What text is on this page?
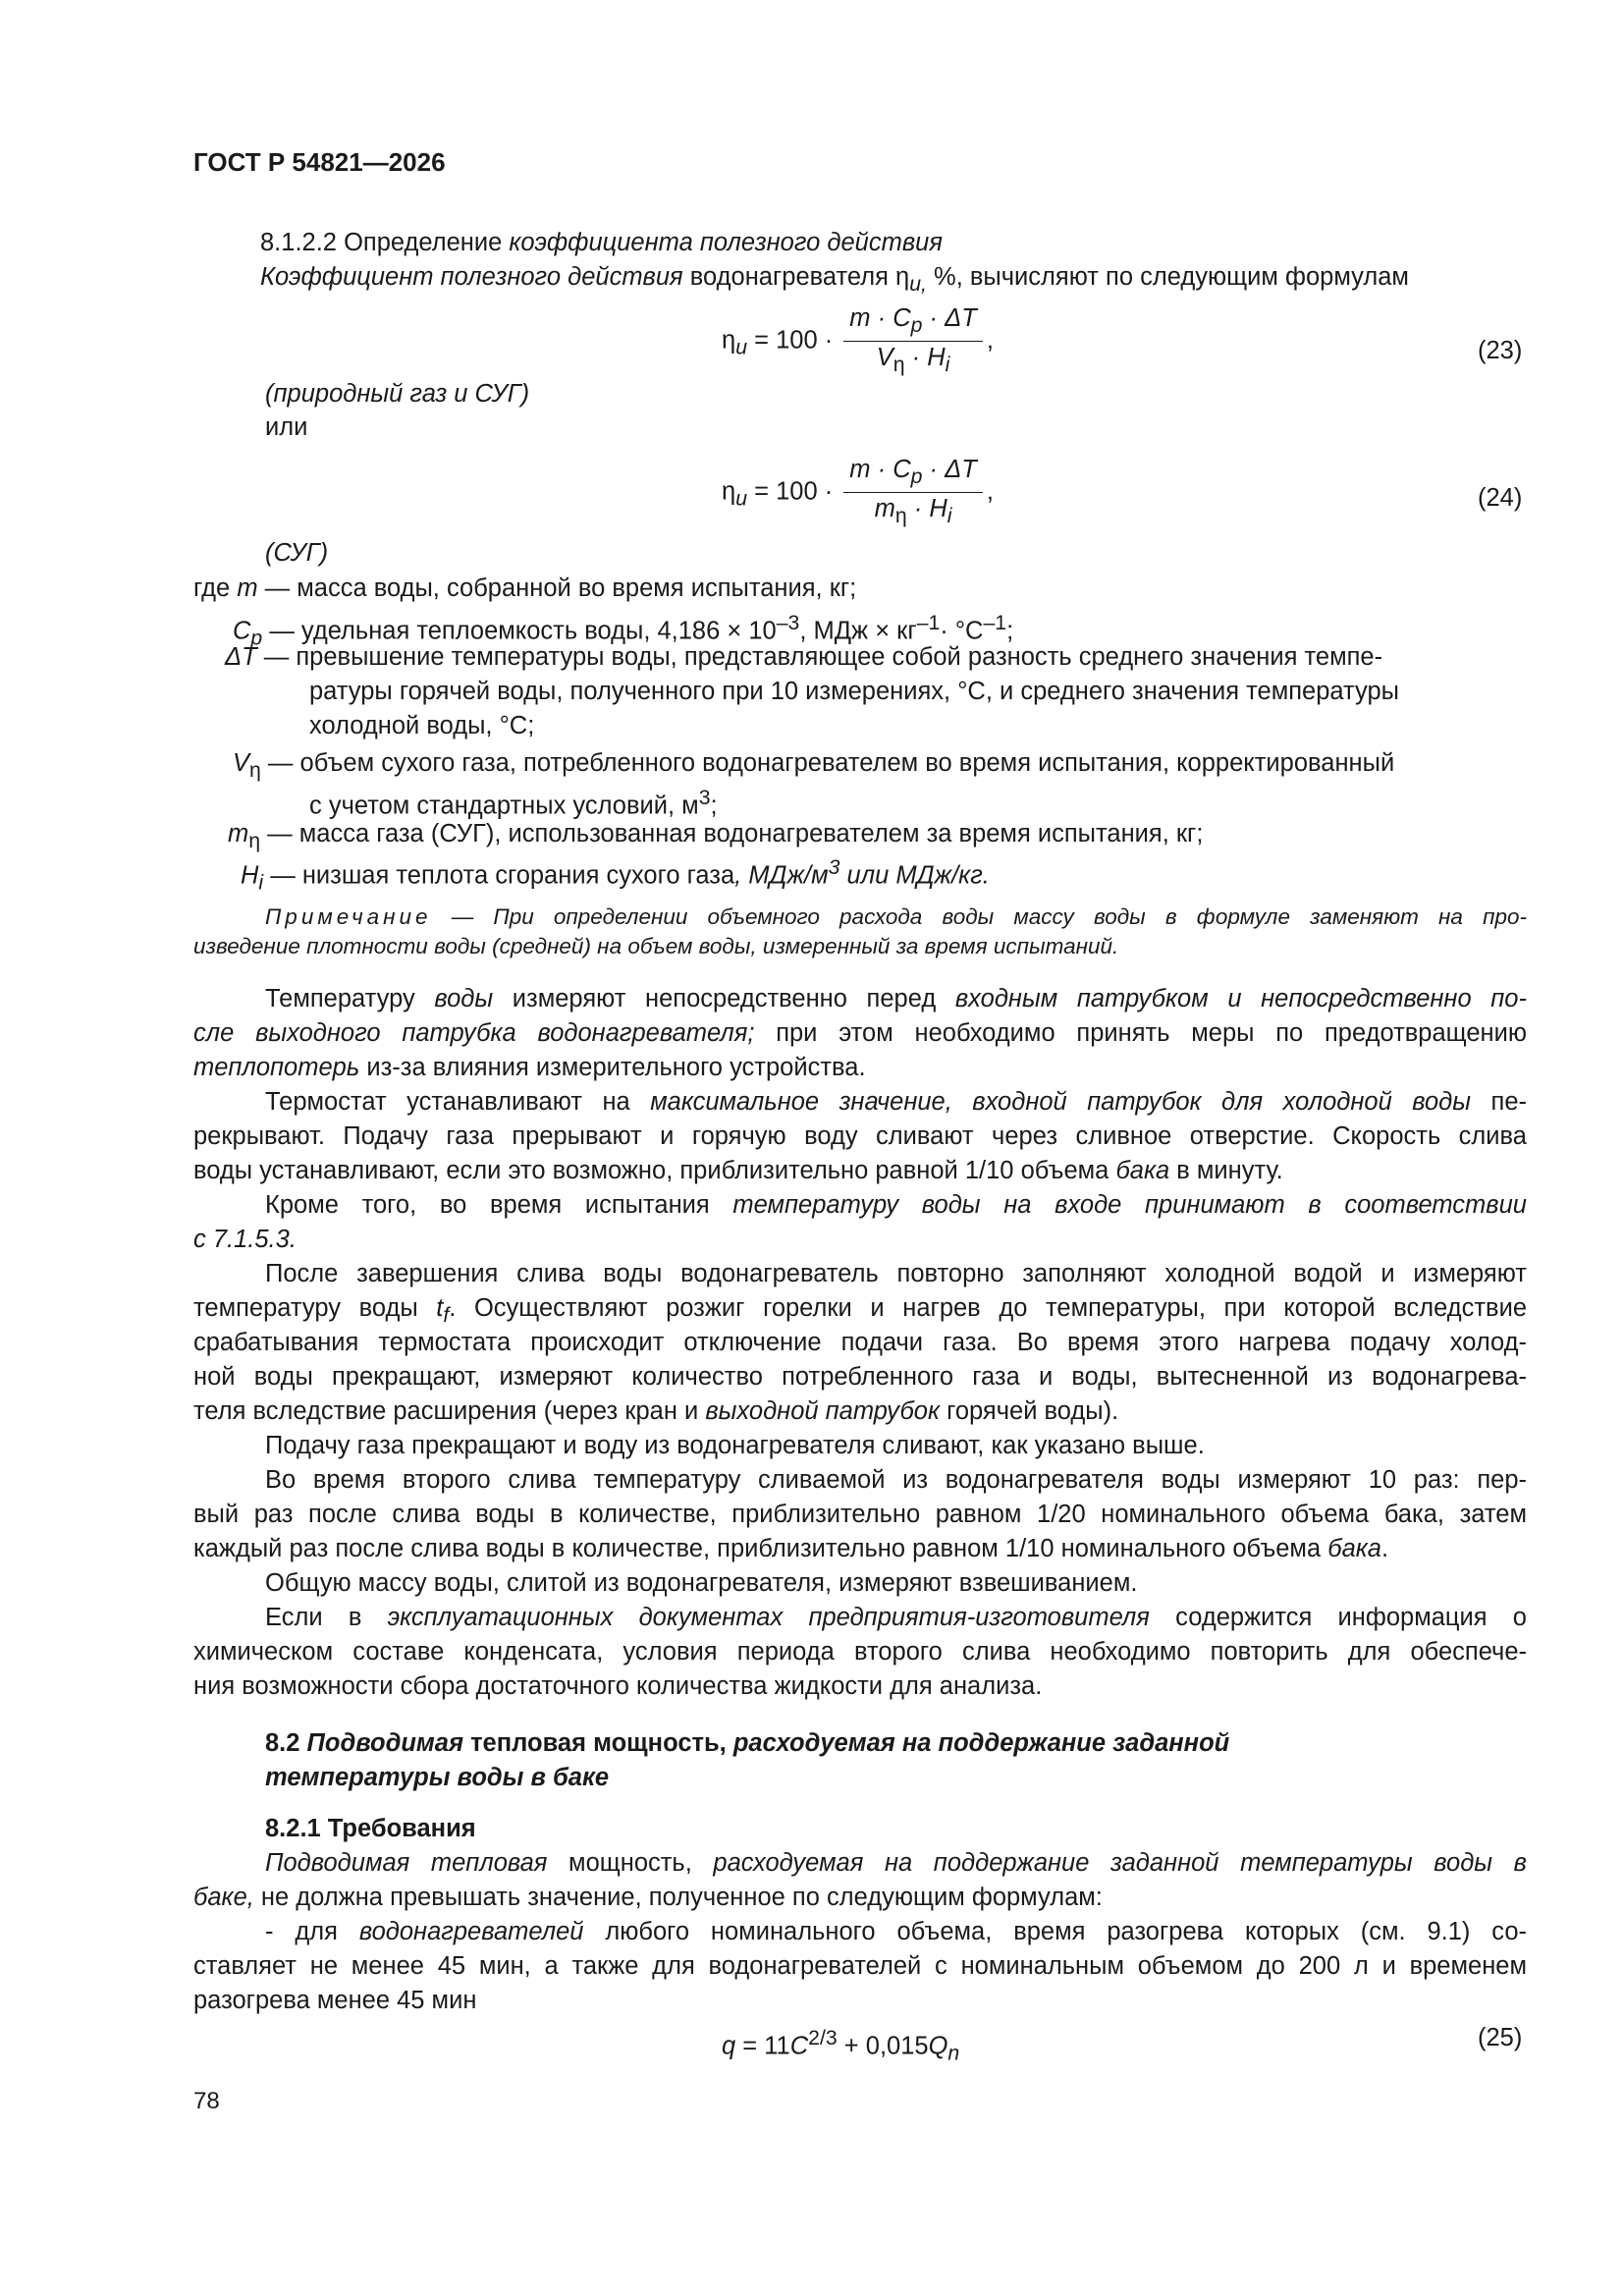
ГОСТ Р 54821—2026
8.1.2.2 Определение коэффициента полезного действия
Коэффициент полезного действия водонагревателя $\eta_{u,}$ %, вычисляют по следующим формулам
$\eta_u = 100 \cdot \frac{m \cdot C_p \cdot \Delta T}{V_\eta \cdot H_i}$ ,	(23)
(природный газ и СУГ)
или
$\eta_u = 100 \cdot \frac{m \cdot C_p \cdot \Delta T}{m_\eta \cdot H_i}$ ,	(24)
(СУГ)
где m — масса воды, собранной во время испытания, кг;
$C_p$ — удельная теплоемкость воды, $4,186 \times 10^{-3}$, МДж × $кг^{-1}\cdot ^\circ С^{-1}$;
ΔT — превышение температуры воды, представляющее собой разность среднего значения темпе-
ратуры горячей воды, полученного при 10 измерениях, °С, и среднего значения температуры
холодной воды, °С;
$V_\eta$ — объем сухого газа, потребленного водонагревателем во время испытания, корректированный
с учетом стандартных условий, $м^3$;
$m_\eta$ — масса газа (СУГ), использованная водонагревателем за время испытания, кг;
$H_i$ — низшая теплота сгорания сухого газа, МДж/$м^3$ или МДж/кг.
Примечание — При определении объемного расхода воды массу воды в формуле заменяют на про-
изведение плотности воды (средней) на объем воды, измеренный за время испытаний.
Температуру воды измеряют непосредственно перед входным патрубком и непосредственно по-
сле выходного патрубка водонагревателя; при этом необходимо принять меры по предотвращению
теплопотерь из-за влияния измерительного устройства.
Термостат устанавливают на максимальное значение, входной патрубок для холодной воды пе-
рекрывают. Подачу газа прерывают и горячую воду сливают через сливное отверстие. Скорость слива
воды устанавливают, если это возможно, приблизительно равной 1/10 объема бака в минуту.
Кроме того, во время испытания температуру воды на входе принимают в соответствии
с 7.1.5.3.
После завершения слива воды водонагреватель повторно заполняют холодной водой и измеряют
температуру воды $t_f$. Осуществляют розжиг горелки и нагрев до температуры, при которой вследствие
срабатывания термостата происходит отключение подачи газа. Во время этого нагрева подачу холод-
ной воды прекращают, измеряют количество потребленного газа и воды, вытесненной из водонагрева-
теля вследствие расширения (через кран и выходной патрубок горячей воды).
Подачу газа прекращают и воду из водонагревателя сливают, как указано выше.
Во время второго слива температуру сливаемой из водонагревателя воды измеряют 10 раз: пер-
вый раз после слива воды в количестве, приблизительно равном 1/20 номинального объема бака, затем
каждый раз после слива воды в количестве, приблизительно равном 1/10 номинального объема бака.
Общую массу воды, слитой из водонагревателя, измеряют взвешиванием.
Если в эксплуатационных документах предприятия-изготовителя содержится информация о
химическом составе конденсата, условия периода второго слива необходимо повторить для обеспече-
ния возможности сбора достаточного количества жидкости для анализа.
8.2 Подводимая тепловая мощность, расходуемая на поддержание заданной
температуры воды в баке
8.2.1 Требования
Подводимая тепловая мощность, расходуемая на поддержание заданной температуры воды в
баке, не должна превышать значение, полученное по следующим формулам:
- для водонагревателей любого номинального объема, время разогрева которых (см. 9.1) со-
ставляет не менее 45 мин, а также для водонагревателей с номинальным объемом до 200 л и временем
разогрева менее 45 мин
$q = 11C^{2/3} + 0,015Q_n$
(25)
78
